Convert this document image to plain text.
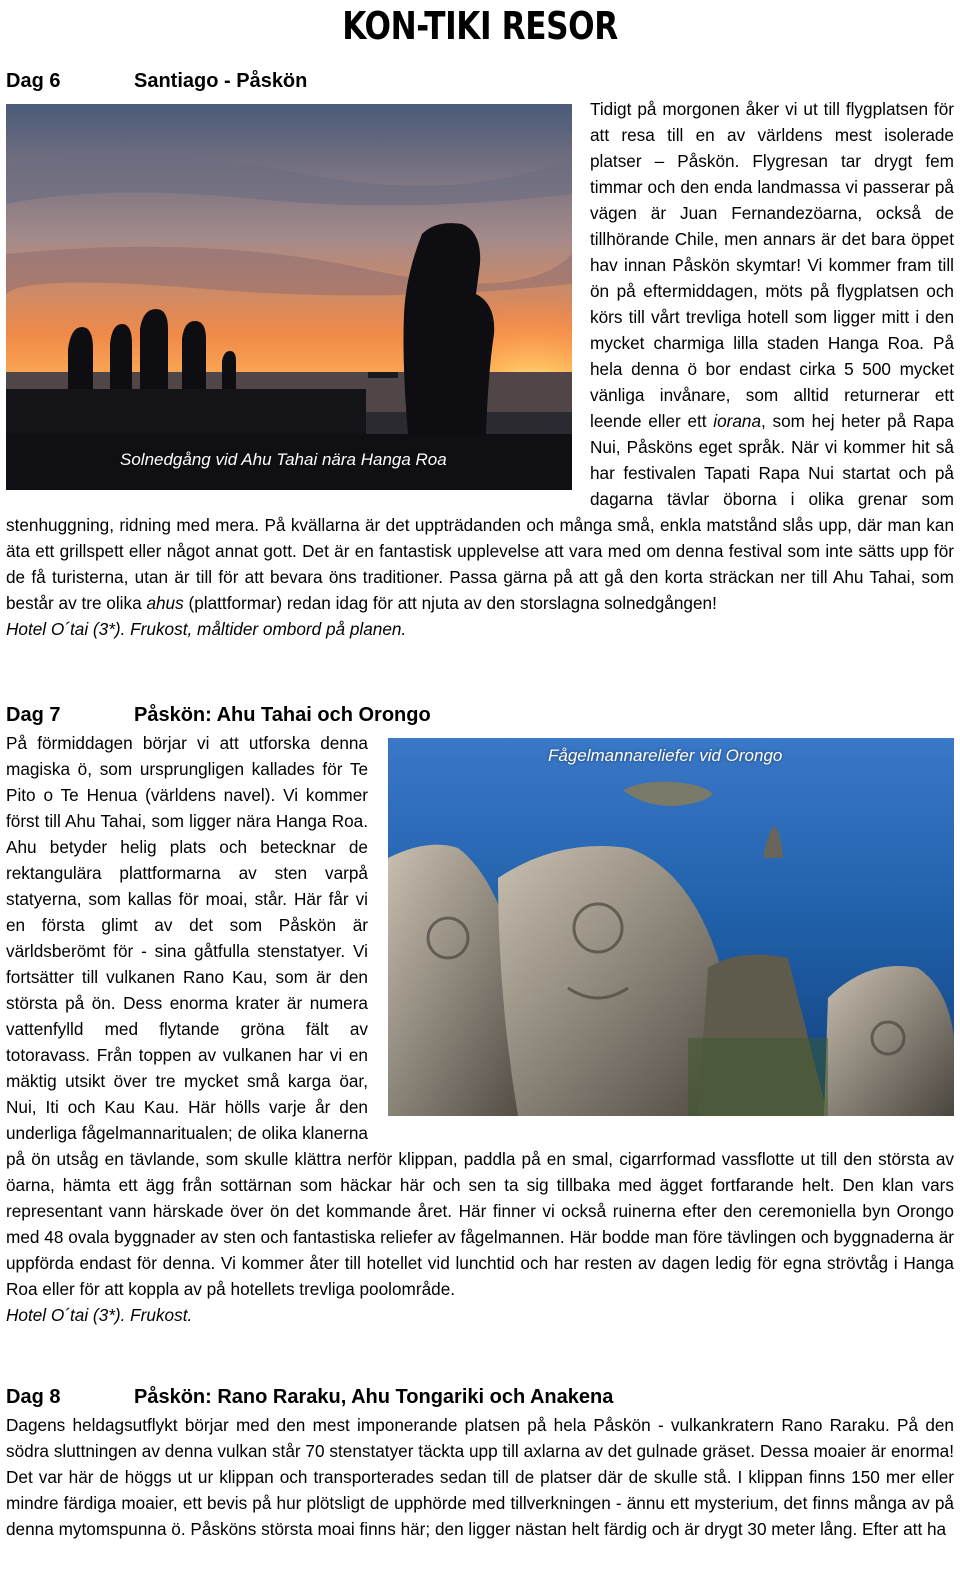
KON-TIKI RESOR
Dag 6	Santiago - Påskön
Solnedgång vid Ahu Tahai nära Hanga Roa

Tidigt på morgonen åker vi ut till flygplatsen för att resa till en av världens mest isolerade platser – Påskön. Flygresan tar drygt fem timmar och den enda landmassa vi passerar på vägen är Juan Fernandezöarna, också de tillhörande Chile, men annars är det bara öppet hav innan Påskön skymtar! Vi kommer fram till ön på eftermiddagen, möts på flygplatsen och körs till vårt trevliga hotell som ligger mitt i den mycket charmiga lilla staden Hanga Roa. På hela denna ö bor endast cirka 5 500 mycket vänliga invånare, som alltid returnerar ett leende eller ett iorana, som hej heter på Rapa Nui, Påsköns eget språk. När vi kommer hit så har festivalen Tapati Rapa Nui startat och på dagarna tävlar öborna i olika grenar som stenhuggning, ridning med mera. På kvällarna är det uppträdanden och många små, enkla matstånd slås upp, där man kan äta ett grillspett eller något annat gott. Det är en fantastisk upplevelse att vara med om denna festival som inte sätts upp för de få turisterna, utan är till för att bevara öns traditioner. Passa gärna på att gå den korta sträckan ner till Ahu Tahai, som består av tre olika ahus (plattformar) redan idag för att njuta av den storslagna solnedgången!

Hotel O´tai (3*). Frukost, måltider ombord på planen.
Dag 7	Påskön: Ahu Tahai och Orongo
Fågelmannareliefer vid Orongo

På förmiddagen börjar vi att utforska denna magiska ö, som ursprungligen kallades för Te Pito o Te Henua (världens navel). Vi kommer först till Ahu Tahai, som ligger nära Hanga Roa. Ahu betyder helig plats och betecknar de rektangulära plattformarna av sten varpå statyerna, som kallas för moai, står. Här får vi en första glimt av det som Påskön är världsberömt för - sina gåtfulla stenstatyer. Vi fortsätter till vulkanen Rano Kau, som är den största på ön. Dess enorma krater är numera vattenfylld med flytande gröna fält av totoravass. Från toppen av vulkanen har vi en mäktig utsikt över tre mycket små karga öar, Nui, Iti och Kau Kau. Här hölls varje år den underliga fågelmannaritualen; de olika klanerna på ön utsåg en tävlande, som skulle klättra nerför klippan, paddla på en smal, cigarrformad vassflotte ut till den största av öarna, hämta ett ägg från sottärnan som häckar här och sen ta sig tillbaka med ägget fortfarande helt. Den klan vars representant vann härskade över ön det kommande året. Här finner vi också ruinerna efter den ceremoniella byn Orongo med 48 ovala byggnader av sten och fantastiska reliefer av fågelmannen. Här bodde man före tävlingen och byggnaderna är uppförda endast för denna. Vi kommer åter till hotellet vid lunchtid och har resten av dagen ledig för egna strövtåg i Hanga Roa eller för att koppla av på hotellets trevliga poolområde.

Hotel O´tai (3*). Frukost.
Dag 8	Påskön: Rano Raraku, Ahu Tongariki och Anakena

Dagens heldagsutflykt börjar med den mest imponerande platsen på hela Påskön - vulkankratern Rano Raraku. På den södra sluttningen av denna vulkan står 70 stenstatyer täckta upp till axlarna av det gulnade gräset. Dessa moaier är enorma! Det var här de höggs ut ur klippan och transporterades sedan till de platser där de skulle stå. I klippan finns 150 mer eller mindre färdiga moaier, ett bevis på hur plötsligt de upphörde med tillverkningen - ännu ett mysterium, det finns många av på denna mytomspunna ö. Påsköns största moai finns här; den ligger nästan helt färdig och är drygt 30 meter lång. Efter att ha
